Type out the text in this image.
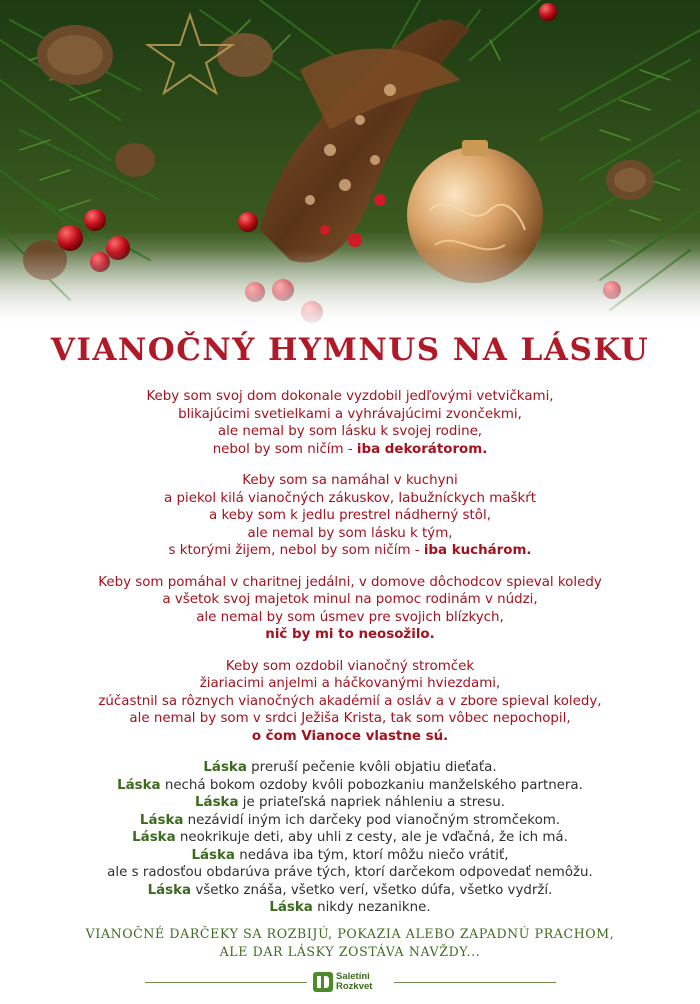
VIANOČNÝ HYMNUS NA LÁSKU
Keby som svoj dom dokonale vyzdobil jedľovými vetvičkami,
blikajúcimi svetielkami a vyhrávajúcimi zvončekmi,
ale nemal by som lásku k svojej rodine,
nebol by som ničím - iba dekorátorom.
Keby som sa namáhal v kuchyni
a piekol kilá vianočných zákuskov, labužníckych maškŕt
a keby som k jedlu prestrel nádherný stôl,
ale nemal by som lásku k tým,
s ktorými žijem, nebol by som ničím - iba kuchárom.
Keby som pomáhal v charitnej jedálni, v domove dôchodcov spieval koledy
a všetok svoj majetok minul na pomoc rodinám v núdzi,
ale nemal by som úsmev pre svojich blízkych,
nič by mi to neosožilo.
Keby som ozdobil vianočný stromček
žiariacimi anjelmi a háčkovanými hviezdami,
zúčastnil sa rôznych vianočných akadémií a osláv a v zbore spieval koledy,
ale nemal by som v srdci Ježiša Krista, tak som vôbec nepochopil,
o čom Vianoce vlastne sú.
Láska preruší pečenie kvôli objatiu dieťaťa.
Láska nechá bokom ozdoby kvôli pobozkaniu manželského partnera.
Láska je priateľská napriek náhleniu a stresu.
Láska nezávidí iným ich darčeky pod vianočným stromčekom.
Láska neokrikuje deti, aby uhli z cesty, ale je vďačná, že ich má.
Láska nedáva iba tým, ktorí môžu niečo vrátiť,
ale s radosťou obdarúva práve tých, ktorí darčekom odpovedať nemôžu.
Láska všetko znáša, všetko verí, všetko dúfa, všetko vydrží.
Láska nikdy nezanikne.
VIANOČNÉ DARČEKY SA ROZBIJÚ, POKAZIA ALEBO ZAPADNÚ PRACHOM,
ALE DAR LÁSKY ZOSTÁVA NAVŽDY...
Saletíni
Rozkvet
